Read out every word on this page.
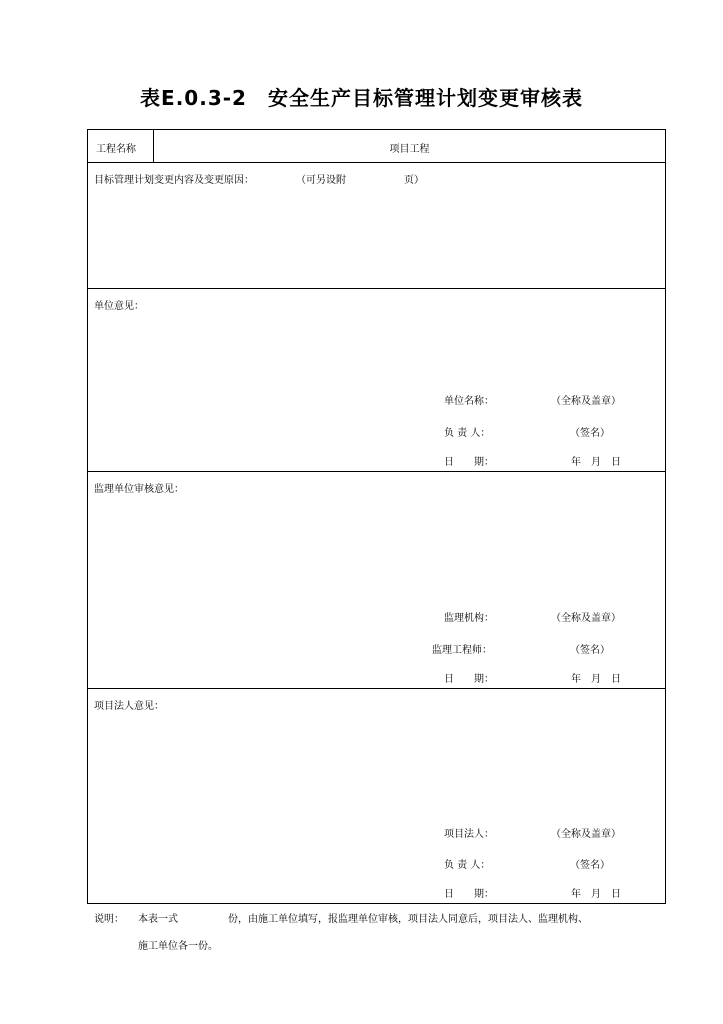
表E.0.3-2　安全生产目标管理计划变更审核表
工程名称	项目工程
目标管理计划变更内容及变更原因：	（可另设附	页）
单位意见：
单位名称：	（全称及盖章）
负 责 人：	（签名）
日　　期：	年　月　日
监理单位审核意见：
监理机构：	（全称及盖章）
监理工程师：	（签名）
日　　期：	年　月　日
项目法人意见：
项目法人：	（全称及盖章）
负 责 人：	（签名）
日　　期：	年　月　日
说明： 本表一式	份，由施工单位填写，报监理单位审核，项目法人同意后，项目法人、监理机构、
施工单位各一份。
